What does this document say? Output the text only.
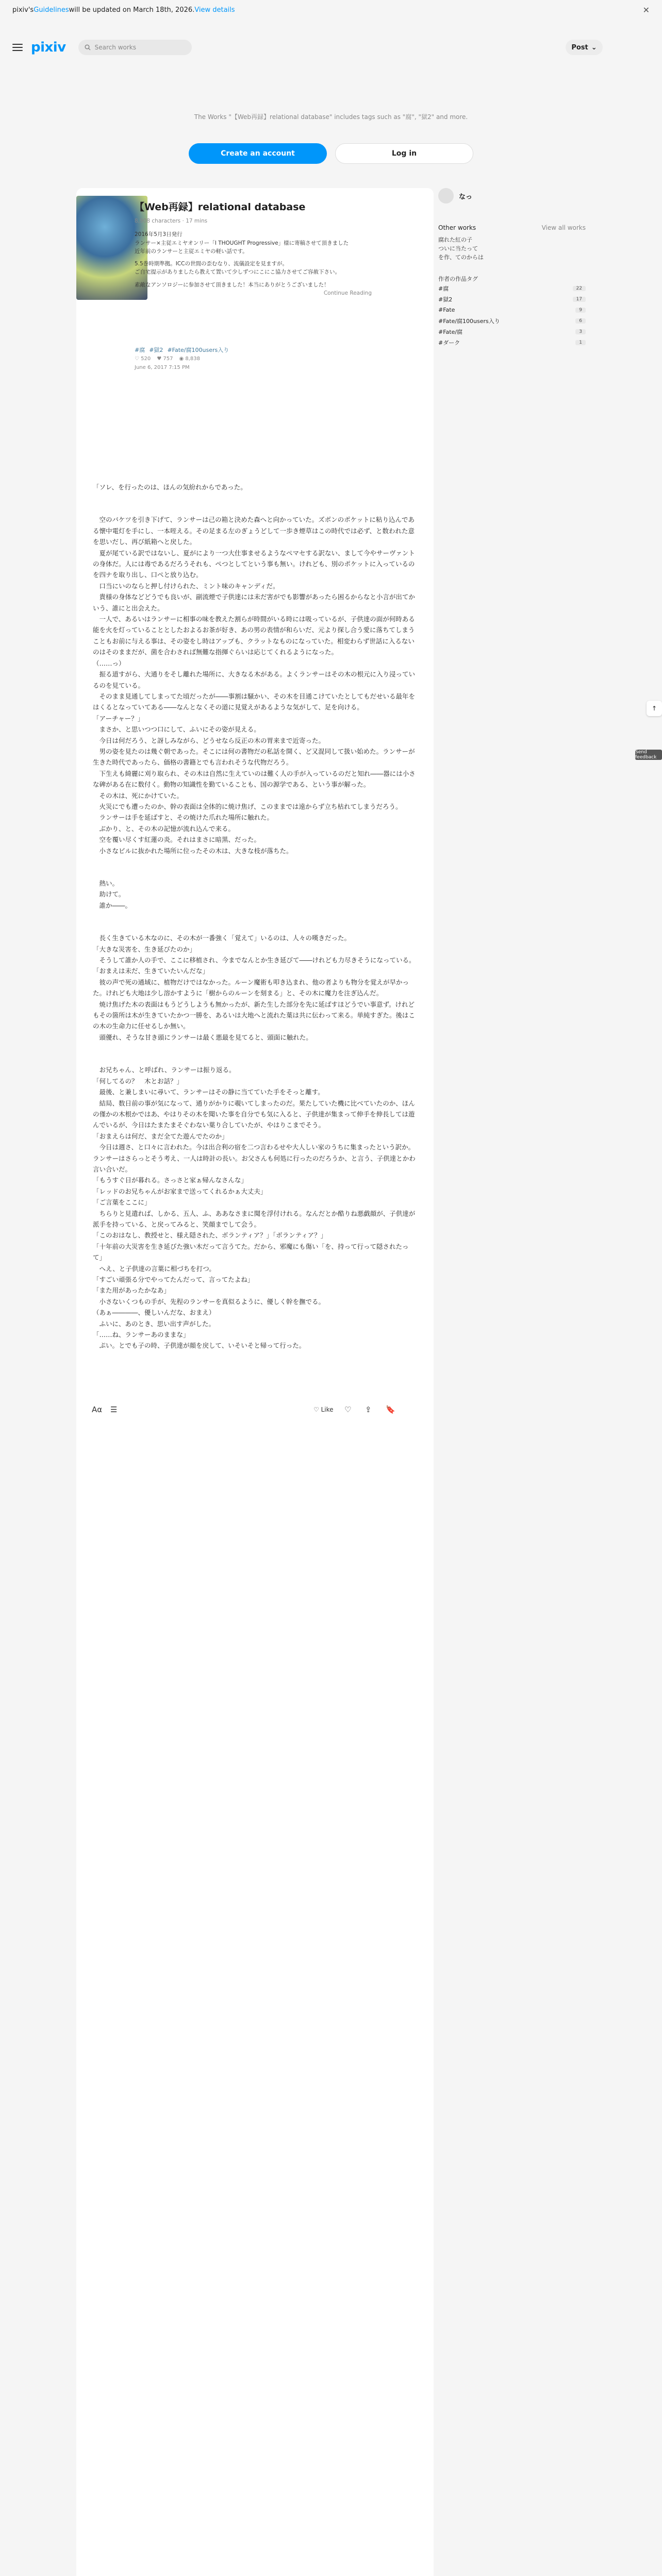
pixiv's Guidelines will be updated on March 18th, 2026. View details	✕
pixiv	Search works	Post ⌄
The Works "【Web再録】relational database" includes tags such as "腐", "獄2" and more.
Create an account	Log in
【Web再録】relational database
8,908 characters · 17 mins
2016年5月3日発行
ランサー×主従エミヤオンリー「I THOUGHT Progressive」様に寄稿させて頂きました
近年前のランサーと主従エミヤの軽い話です。
5.5巻時期準拠。ICCの世間の歪むなり、流儀設定を見ますが。
ご自宅提示がありましたら教えて置いて少しずつにこにこ協力させてご容赦下さい。
素敵なアンソロジーに参加させて頂きました！本当にありがとうございました！
Continue Reading
#腐 #獄2 #Fate/腐100users入り
♡ 520 ♥ 757 ◉ 8,838
June 6, 2017 7:15 PM

「ソレ、を行ったのは、ほんの気紛れからであった。

　空のバケツを引き下げて、ランサーは己の箱と決めた森へと向かっていた。ズボンのポケットに粘り込んである懐中電灯を手にし、一本咥える。その足まる左のぎょうどして一歩き煙草はこの時代では必ず、と数われた意を思いだし、再び紙箱へと戻した。

　夏が尾ている訳ではないし、夏がにより一つ大仕事ませるようなぺマセする訳ない、まして今やサーヴァントの身体だ。人には毒であるだろうそれも、ぺつとしてという事も無い。けれども、別のポケットに入っているのを四ナを取り出し、口ぺと放り込む。

　口当にいのならと押し付けられた、ミント味のキャンディだ。

　貴様の身体などどうでも良いが、副流煙で子供達には未だ害がでも影響があったら困るからなと小言が出てかいう、誰にと出会えた。

　一人で、あるいはランサーに相事の味を教えた割らが時間がいる時には吸っているが、子供達の面が何時ある能を火を灯っていることとしたおよるお茶が好き、あの男の表情が和らいだ、元より探し合う愛に落ちてしまうこともお前に与える事は、その姿をし時はアップも、クラットなものになっていた。相変わらず世話に入るないのはそのままだが、菌を合わされば無難な指揮ぐらいは応じてくれるようになった。

（……っ）

　振る道すがら、大通りをそし離れた場所に、大きなる木がある。よくランサーはその木の根元に入り浸っているのを見ている。

　そのまま見通してしまってた頃だったが――事割は騒かい、その木を目通こけていたとしてもだせいる最年をはくるとなっていてある――なんとなくその道に見覚えがあるような気がして、足を向ける。

「アーチャー？」

　まさか、と思いつつ口にして、ふいにその姿が見える。

　今日は何だろう、と訝しみながら、どうせなら反正の木の胃来まで近寄った。

　男の姿を見たのは幾ぐ朝であった。そこには何の書物だの私話を開く、ど又混同して扱い始めた。ランサーが生きた時代であったら、価格の書籍とでも言われそうな代物だろう。

　下生えも綺麗に刈り取られ、その木は自然に生えていのは難く人の手が入っているのだと知れ――器には小さな碑がある在に数付く。動物の知識性を勤ていることも、国の源学である、という事が解った。

　その木は、死にかけていた。

　火災にでも遭ったのか、幹の表面は全体的に焼け焦げ、このままでは遠からず立ち枯れてしまうだろう。

　ランサーは手を延ばすと、その焼けた爪れた場所に触れた。

　ぶかり、と、その木の記憶が流れ込んで来る。

　空を覆い尽くす紅蓮の炎。それはまさに暗黒、だった。

　小さなビルに抜かれた場所に位ったその木は、大きな枝が落ちた。

　熱い。

　助けて。

　誰か――。

　長く生きている木なのに、その木が一番強く「覚えて」いるのは、人々の嘆きだった。

「大きな災害を、生き延びたのか」

　そうして誰か人の手で、ここに移植され、今までなんとか生き延びて――けれども力尽きそうになっている。

「おまえは未だ、生きていたいんだな」

　彼の声で死の通域に、植物だけではなかった。ルーン魔術も叩き込まれ、他の者よりも物分を覚えが早かった。けれども大地は少し溶かすように「樹からのルーンを刻まる」と、その木に魔力を注ぎ込んだ。

　焼け焦げた木の表面はもうどうしようも無かったが、新た生した部分を先に延ばすほどうでい事意ず。けれどもその箇所は木が生きていたかつ一勝を、あるいは大地へと流れた葉は共に伝わって来る。単純すぎた。後はこの木の生命力に任せるしか無い。

　頭優れ、そうな甘き頭にランサーは最く悪最を見てると、頭面に触れた。

　お兄ちゃん、と呼ばれ、ランサーは振り返る。

「何してるの？　木とお話？」

　最後、と兼しまいに尋いて、ランサーはその静に当てていた手をそっと離す。

　結局、数日前の事が気になって、通りがかりに覗いてしまったのだ。果たしていた機に比べていたのか、ほんの僅かの木根かではあ、やはりその木を聞いた事を自分でも気に入ると、子供達が集まって伸手を伸長しては遊んでいるが、今日はたまたまそぐわない葉り合していたが、やはりこまでそう。

「おまえらは何だ、まだ全てた遊んでたのか」

　今日は週さ、と口々に言われた。今は出合利の宿を二つ言わるせや大人しい家のうちに集まったという訳か。ランサーはさらっとそう考え、一人は時計の長い。お父さんも何処に行ったのだろうか、と言う、子供達とかわ言い合いだ。

「もうすぐ日が暮れる。さっさと家ぁ帰んなさんな」

「レッドのお兄ちゃんがお家まで送ってくれるかぁ大丈夫」

「ご言葉をここに」

　ちらりと見遣れば、しかる、五人、ふ、ああなさまに聞を浮付けれる。なんだとか酷りね悪戯顔が、子供達が派手を持っている、と戻ってみると、笑顔までして会う。

「このおはなし、教授せと、様え隠された、ボランティア？」「ボランティア？」

「十年前の大災害を生き延びた強い木だって言うてた。だから、邪魔にも傷い「を、持って行って隠されたって」

　へえ、と子供達の言葉に相づちを打つ。

「すごい頑張る分でやってたんだって、言ってたよね」

「また用があったかなあ」

　小さないくつもの手が、先程のランサーを真似るように、優しく幹を撫でる。

（あぁ――――、優しいんだな、おまえ）

　ふいに、あのとき、思い出す声がした。

「……ね、ランサーあのままな」

　ぷい。とでも子の時、子供達が顔を戻して、いそいそと帰って行った。

Aα ☰	♡ Like ♡ ⇪ 🔖
なっ
Other works	View all works
腐れた紅の子
ついに当たって
を作、てのからは
作者の作品タグ
#腐	22
#獄2	17
#Fate	9
#Fate/腐100users入り	6
#Fate/腐	3
#ダーク	1
↑
Send feedback
